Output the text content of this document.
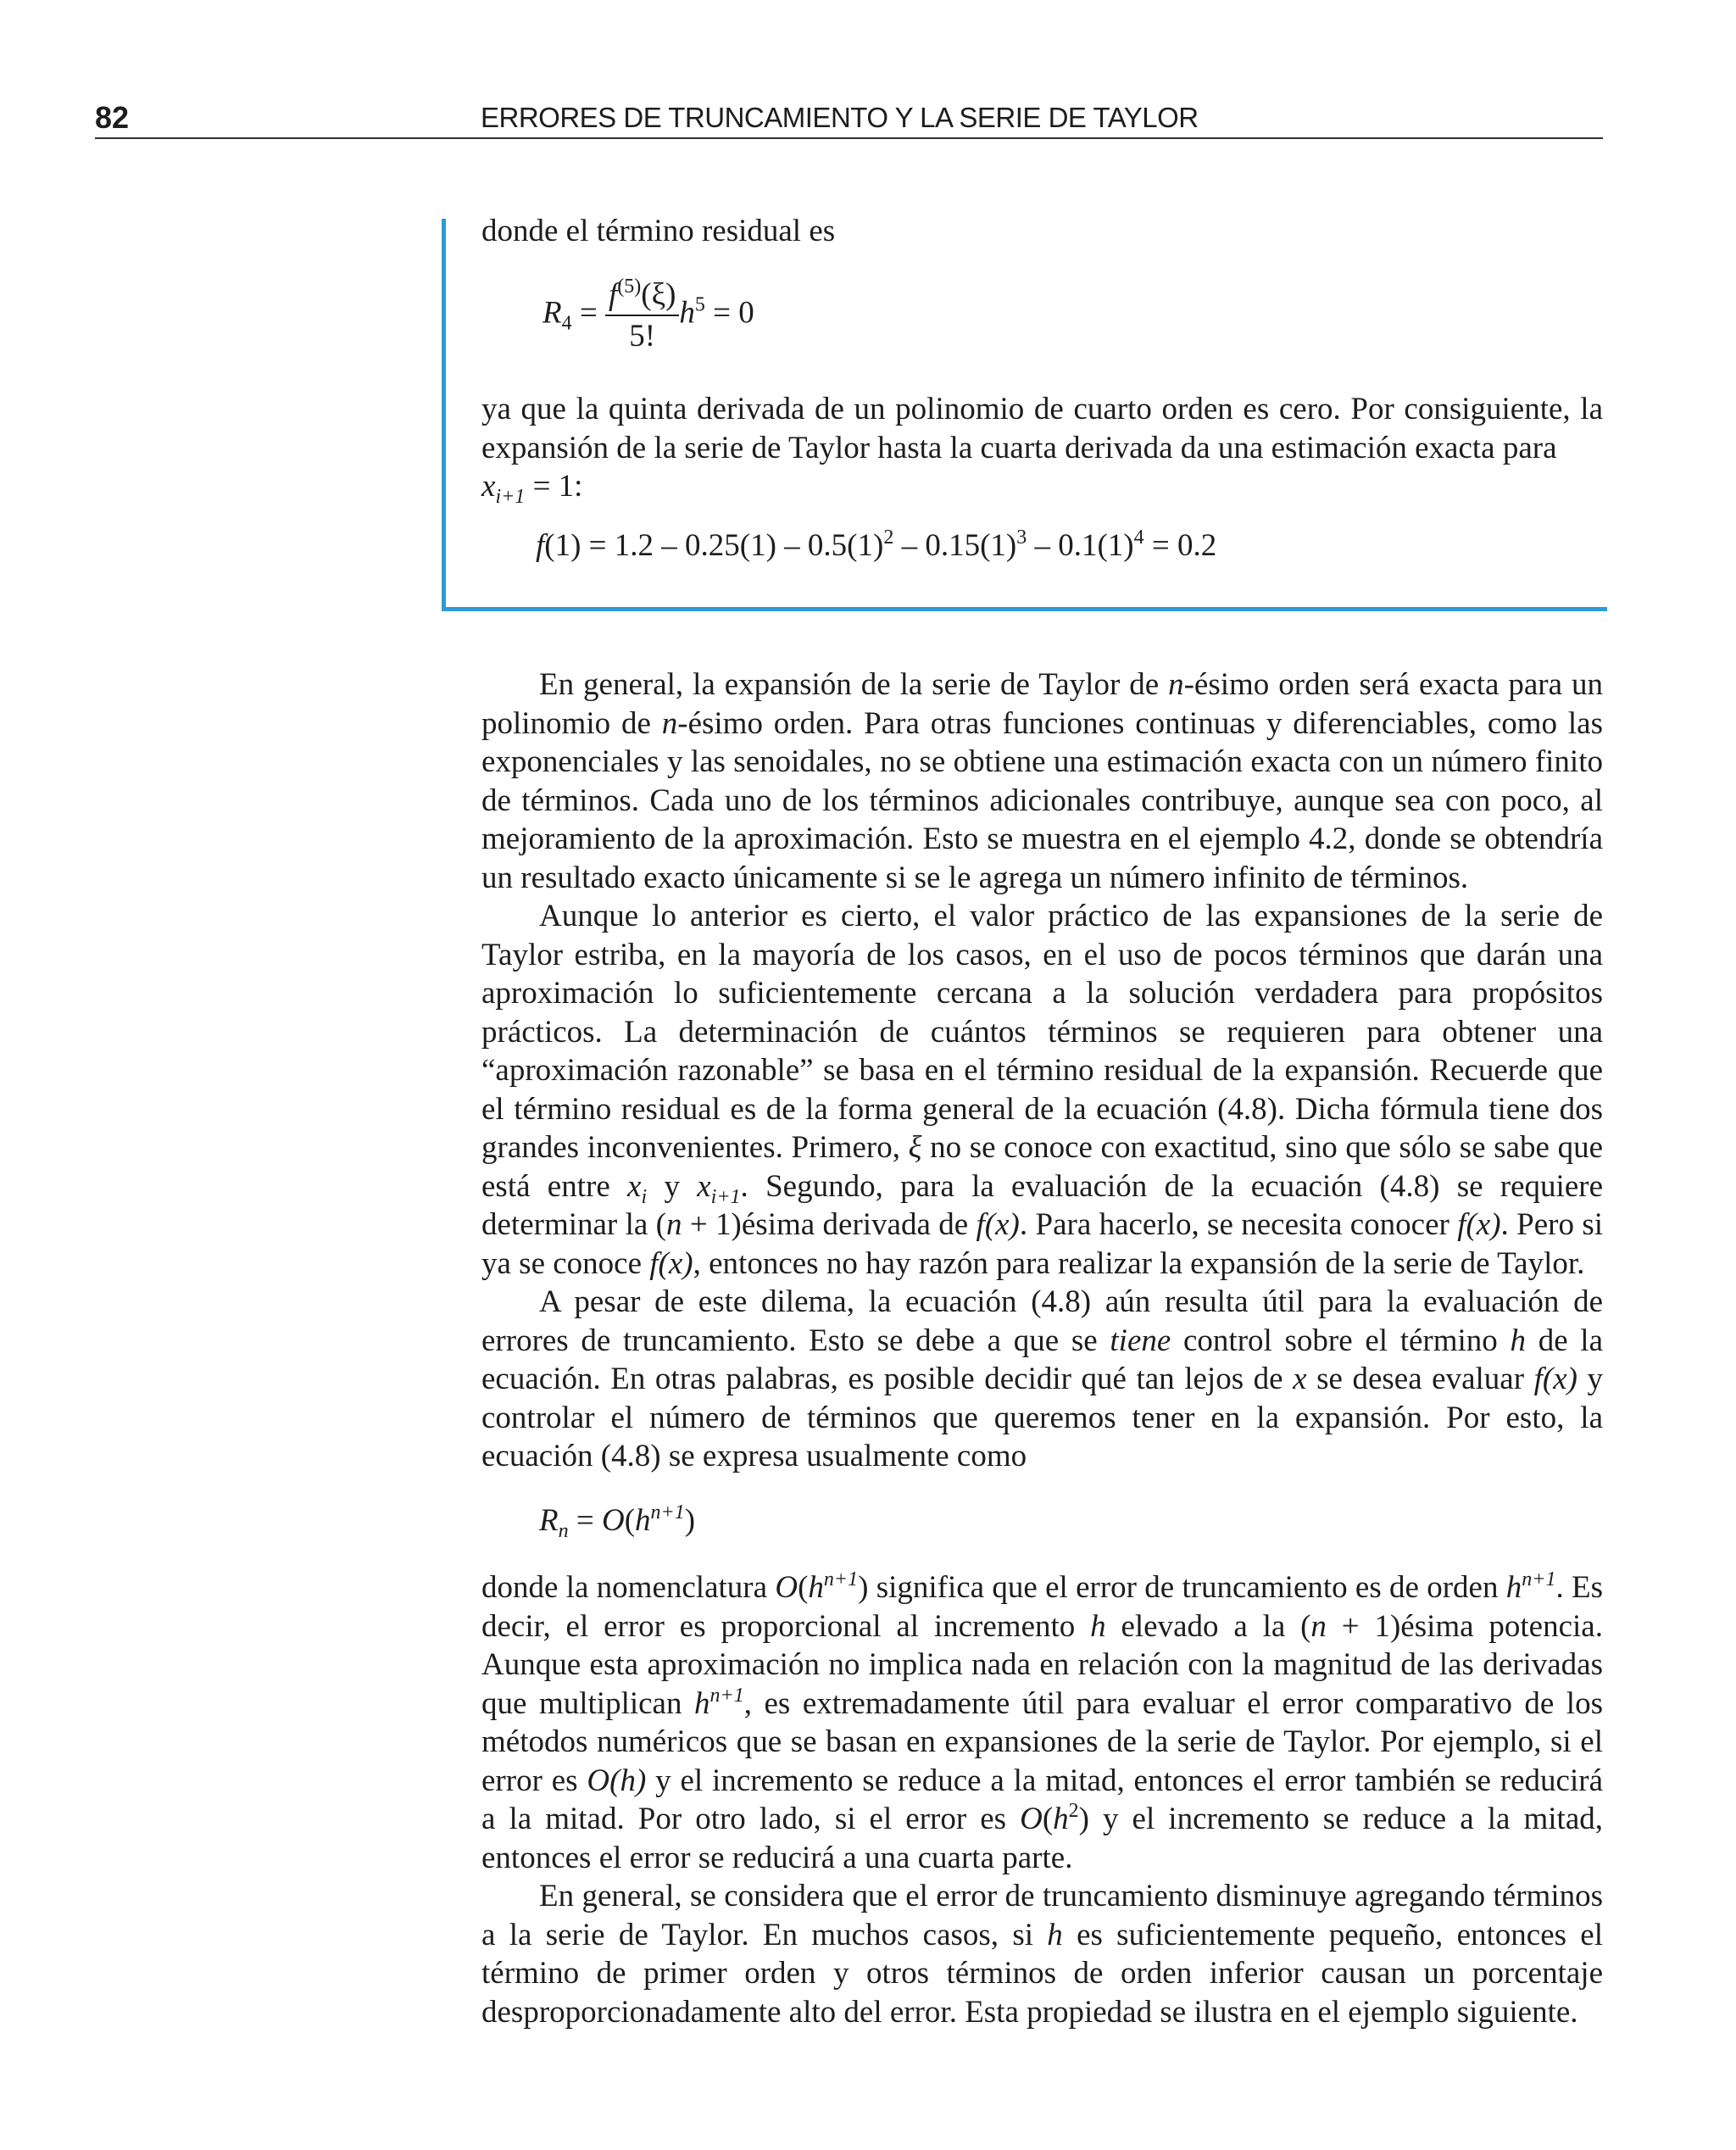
82	ERRORES DE TRUNCAMIENTO Y LA SERIE DE TAYLOR
donde el término residual es
$R_4 = \frac{f^{(5)}(\xi)}{5!} h^5 = 0$
ya que la quinta derivada de un polinomio de cuarto orden es cero. Por consiguiente, la expansión de la serie de Taylor hasta la cuarta derivada da una estimación exacta para
$x_{i+1} = 1$:
$f(1) = 1.2 - 0.25(1) - 0.5(1)^2 - 0.15(1)^3 - 0.1(1)^4 = 0.2$

En general, la expansión de la serie de Taylor de n-ésimo orden será exacta para un polinomio de n-ésimo orden. Para otras funciones continuas y diferenciables, como las exponenciales y las senoidales, no se obtiene una estimación exacta con un número finito de términos. Cada uno de los términos adicionales contribuye, aunque sea con poco, al mejoramiento de la aproximación. Esto se muestra en el ejemplo 4.2, donde se obtendría un resultado exacto únicamente si se le agrega un número infinito de términos.

Aunque lo anterior es cierto, el valor práctico de las expansiones de la serie de Taylor estriba, en la mayoría de los casos, en el uso de pocos términos que darán una aproximación lo suficientemente cercana a la solución verdadera para propósitos prácticos. La determinación de cuántos términos se requieren para obtener una “aproximación razonable” se basa en el término residual de la expansión. Recuerde que el término residual es de la forma general de la ecuación (4.8). Dicha fórmula tiene dos grandes inconvenientes. Primero, ξ no se conoce con exactitud, sino que sólo se sabe que está entre $x_i$ y $x_{i+1}$. Segundo, para la evaluación de la ecuación (4.8) se requiere determinar la (n + 1)ésima derivada de f(x). Para hacerlo, se necesita conocer f(x). Pero si ya se conoce f(x), entonces no hay razón para realizar la expansión de la serie de Taylor.

A pesar de este dilema, la ecuación (4.8) aún resulta útil para la evaluación de errores de truncamiento. Esto se debe a que se tiene control sobre el término h de la ecuación. En otras palabras, es posible decidir qué tan lejos de x se desea evaluar f(x) y controlar el número de términos que queremos tener en la expansión. Por esto, la ecuación (4.8) se expresa usualmente como

$R_n = O(h^{n+1})$

donde la nomenclatura $O(h^{n+1})$ significa que el error de truncamiento es de orden $h^{n+1}$. Es decir, el error es proporcional al incremento h elevado a la (n + 1)ésima potencia. Aunque esta aproximación no implica nada en relación con la magnitud de las derivadas que multiplican $h^{n+1}$, es extremadamente útil para evaluar el error comparativo de los métodos numéricos que se basan en expansiones de la serie de Taylor. Por ejemplo, si el error es O(h) y el incremento se reduce a la mitad, entonces el error también se reducirá a la mitad. Por otro lado, si el error es $O(h^2)$ y el incremento se reduce a la mitad, entonces el error se reducirá a una cuarta parte.

En general, se considera que el error de truncamiento disminuye agregando términos a la serie de Taylor. En muchos casos, si h es suficientemente pequeño, entonces el término de primer orden y otros términos de orden inferior causan un porcentaje desproporcionadamente alto del error. Esta propiedad se ilustra en el ejemplo siguiente.
